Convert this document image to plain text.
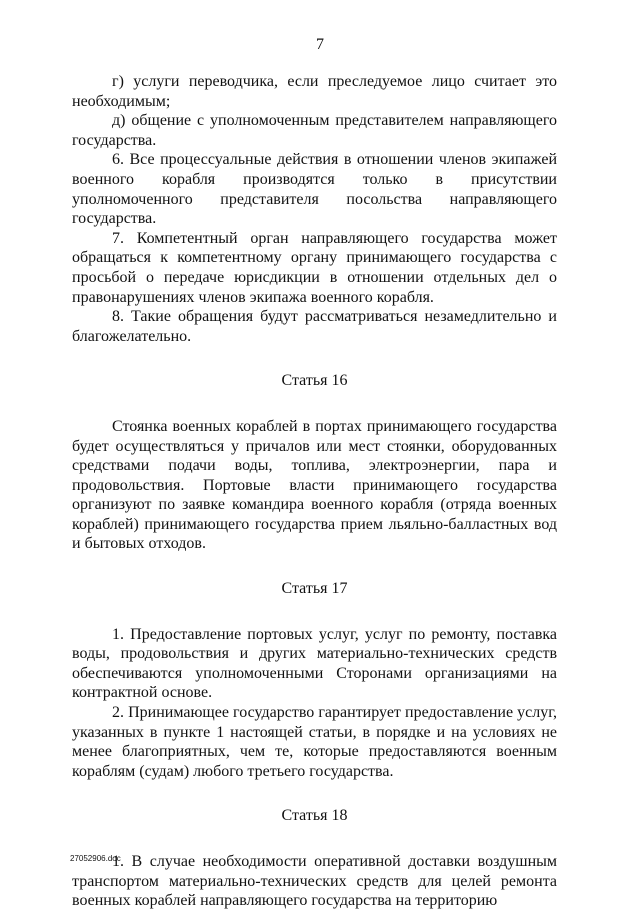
7

г) услуги переводчика, если преследуемое лицо считает это необходимым;

д) общение с уполномоченным представителем направляющего государства.

6. Все процессуальные действия в отношении членов экипажей военного корабля производятся только в присутствии уполномоченного представителя посольства направляющего государства.

7. Компетентный орган направляющего государства может обращаться к компетентному органу принимающего государства с просьбой о передаче юрисдикции в отношении отдельных дел о правонарушениях членов экипажа военного корабля.

8. Такие обращения будут рассматриваться незамедлительно и благожелательно.

Статья 16

Стоянка военных кораблей в портах принимающего государства будет осуществляться у причалов или мест стоянки, оборудованных средствами подачи воды, топлива, электроэнергии, пара и продовольствия. Портовые власти принимающего государства организуют по заявке командира военного корабля (отряда военных кораблей) принимающего государства прием льяльно-балластных вод и бытовых отходов.

Статья 17

1. Предоставление портовых услуг, услуг по ремонту, поставка воды, продовольствия и других материально-технических средств обеспечиваются уполномоченными Сторонами организациями на контрактной основе.

2. Принимающее государство гарантирует предоставление услуг, указанных в пункте 1 настоящей статьи, в порядке и на условиях не менее благоприятных, чем те, которые предоставляются военным кораблям (судам) любого третьего государства.

Статья 18

1. В случае необходимости оперативной доставки воздушным транспортом материально-технических средств для целей ремонта военных кораблей направляющего государства на территорию

27052906.doc
